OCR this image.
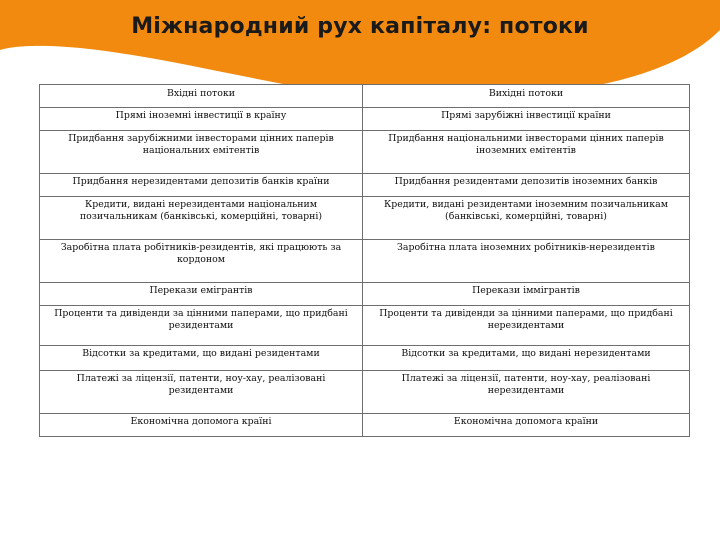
Міжнародний рух капіталу: потоки
Вхідні потоки	Вихідні потоки
Прямі іноземні інвестиції в країну	Прямі зарубіжні інвестиції країни
Придбання зарубіжними інвесторами цінних паперів національних емітентів	Придбання національними інвесторами цінних паперів іноземних емітентів
Придбання нерезидентами депозитів банків країни	Придбання резидентами депозитів іноземних банків
Кредити, видані нерезидентами національним позичальникам (банківські, комерційні, товарні)	Кредити, видані резидентами іноземним позичальникам (банківські, комерційні, товарні)
Заробітна плата робітників-резидентів, які працюють за кордоном	Заробітна плата іноземних робітників-нерезидентів
Перекази емігрантів	Перекази іммігрантів
Проценти та дивіденди за цінними паперами, що придбані резидентами	Проценти та дивіденди за цінними паперами, що придбані нерезидентами
Відсотки за кредитами, що видані резидентами	Відсотки за кредитами, що видані нерезидентами
Платежі за ліцензії, патенти, ноу-хау, реалізовані резидентами	Платежі за ліцензії, патенти, ноу-хау, реалізовані нерезидентами
Економічна допомога країні	Економічна допомога країни
